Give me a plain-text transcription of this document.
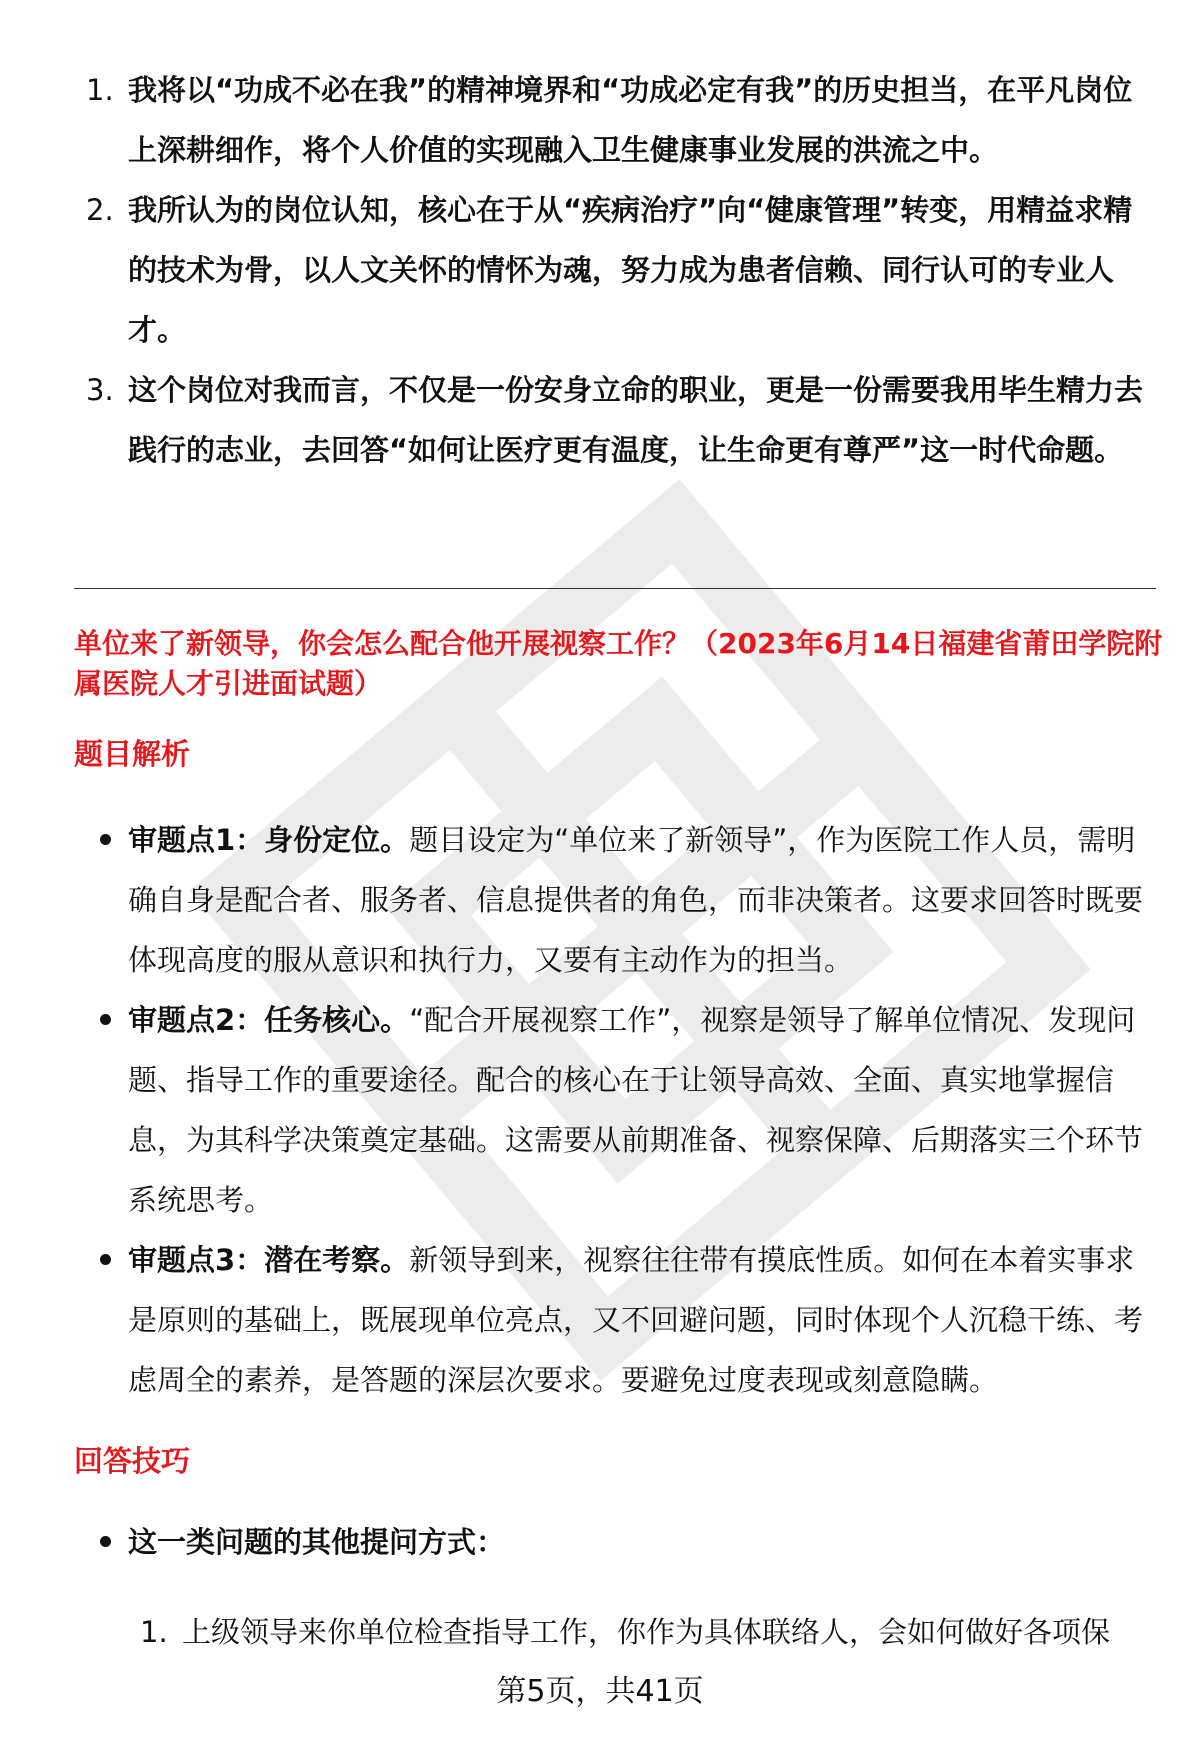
1. 我将以“功成不必在我”的精神境界和“功成必定有我”的历史担当，在平凡岗位上深耕细作，将个人价值的实现融入卫生健康事业发展的洪流之中。
2. 我所认为的岗位认知，核心在于从“疾病治疗”向“健康管理”转变，用精益求精的技术为骨，以人文关怀的情怀为魂，努力成为患者信赖、同行认可的专业人才。
3. 这个岗位对我而言，不仅是一份安身立命的职业，更是一份需要我用毕生精力去践行的志业，去回答“如何让医疗更有温度，让生命更有尊严”这一时代命题。
单位来了新领导，你会怎么配合他开展视察工作？（2023年6月14日福建省莆田学院附属医院人才引进面试题）
题目解析
审题点1：身份定位。题目设定为“单位来了新领导”，作为医院工作人员，需明确自身是配合者、服务者、信息提供者的角色，而非决策者。这要求回答时既要体现高度的服从意识和执行力，又要有主动作为的担当。
审题点2：任务核心。“配合开展视察工作”，视察是领导了解单位情况、发现问题、指导工作的重要途径。配合的核心在于让领导高效、全面、真实地掌握信息，为其科学决策奠定基础。这需要从前期准备、视察保障、后期落实三个环节系统思考。
审题点3：潜在考察。新领导到来，视察往往带有摸底性质。如何在本着实事求是原则的基础上，既展现单位亮点，又不回避问题，同时体现个人沉稳干练、考虑周全的素养，是答题的深层次要求。要避免过度表现或刻意隐瞒。
回答技巧
这一类问题的其他提问方式：
1. 上级领导来你单位检查指导工作，你作为具体联络人，会如何做好各项保
第5页，共41页
